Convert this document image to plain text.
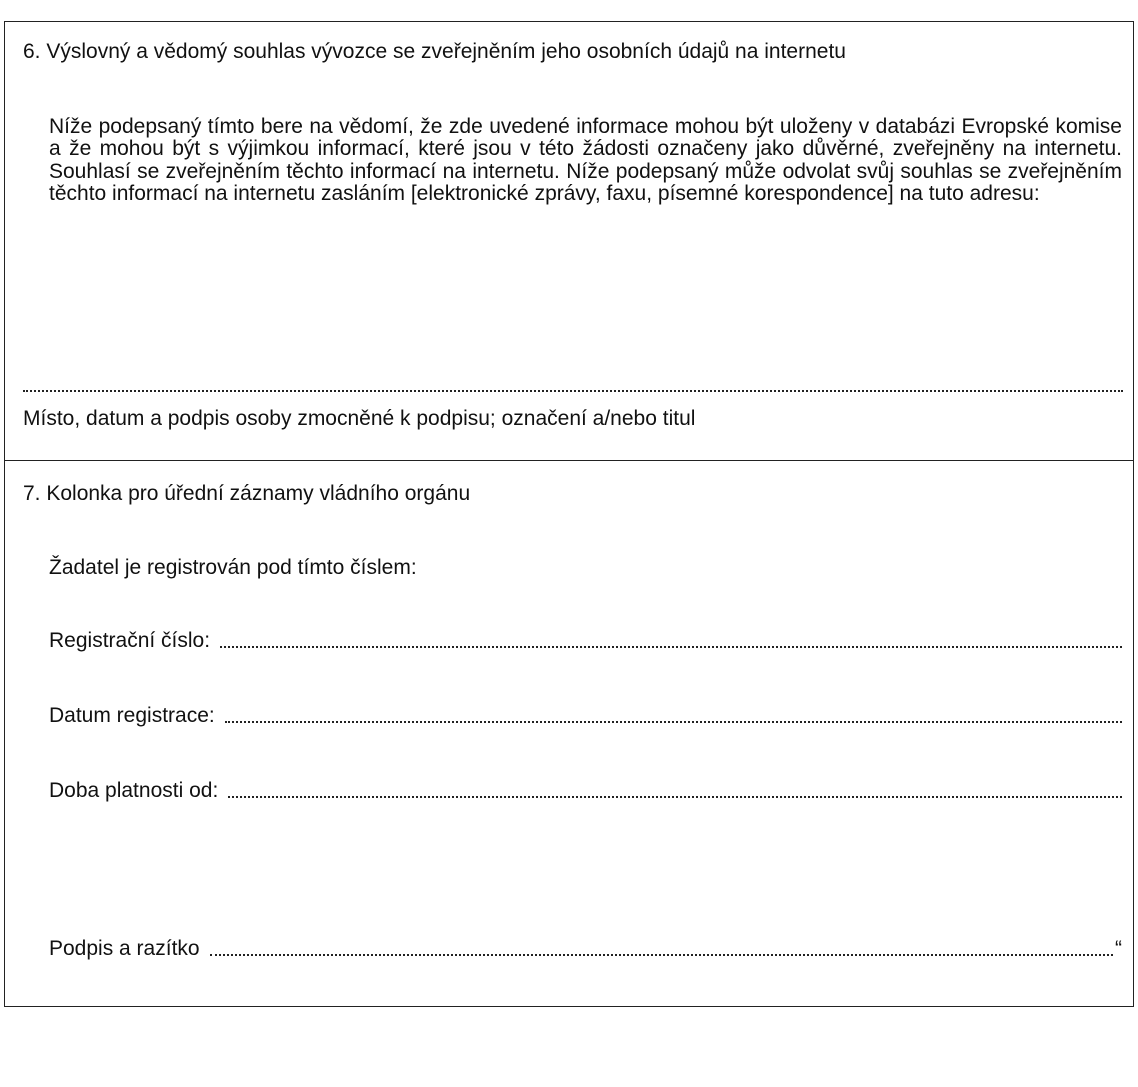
6. Výslovný a vědomý souhlas vývozce se zveřejněním jeho osobních údajů na internetu

Níže podepsaný tímto bere na vědomí, že zde uvedené informace mohou být uloženy v databázi Evropské komise a že mohou být s výjimkou informací, které jsou v této žádosti označeny jako důvěrné, zveřejněny na internetu. Souhlasí se zveřejněním těchto informací na internetu. Níže podepsaný může odvolat svůj souhlas se zveřejněním těchto informací na internetu zasláním [elektronické zprávy, faxu, písemné korespondence] na tuto adresu:

Místo, datum a podpis osoby zmocněné k podpisu; označení a/nebo titul
7. Kolonka pro úřední záznamy vládního orgánu
Žadatel je registrován pod tímto číslem:
Registrační číslo:
Datum registrace:
Doba platnosti od:
Podpis a razítko	“
